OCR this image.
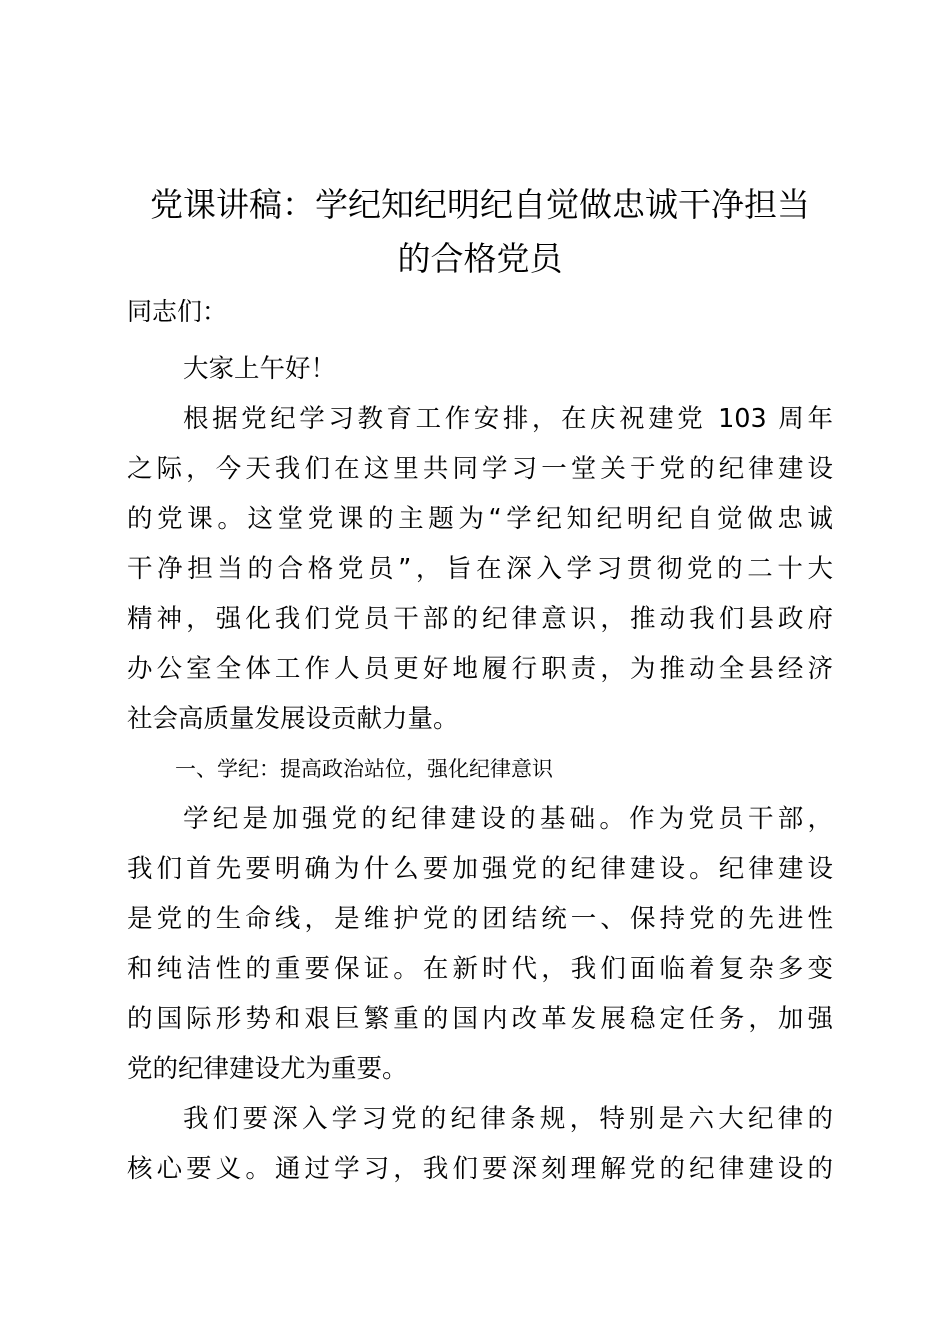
党课讲稿：学纪知纪明纪自觉做忠诚干净担当
的合格党员

同志们：

大家上午好！

根据党纪学习教育工作安排，在庆祝建党 103 周年
之际，今天我们在这里共同学习一堂关于党的纪律建设
的党课。这堂党课的主题为“学纪知纪明纪自觉做忠诚
干净担当的合格党员”，旨在深入学习贯彻党的二十大
精神，强化我们党员干部的纪律意识，推动我们县政府
办公室全体工作人员更好地履行职责，为推动全县经济
社会高质量发展设贡献力量。

一、学纪：提高政治站位，强化纪律意识

学纪是加强党的纪律建设的基础。作为党员干部，
我们首先要明确为什么要加强党的纪律建设。纪律建设
是党的生命线，是维护党的团结统一、保持党的先进性
和纯洁性的重要保证。在新时代，我们面临着复杂多变
的国际形势和艰巨繁重的国内改革发展稳定任务，加强
党的纪律建设尤为重要。

我们要深入学习党的纪律条规，特别是六大纪律的
核心要义。通过学习，我们要深刻理解党的纪律建设的
